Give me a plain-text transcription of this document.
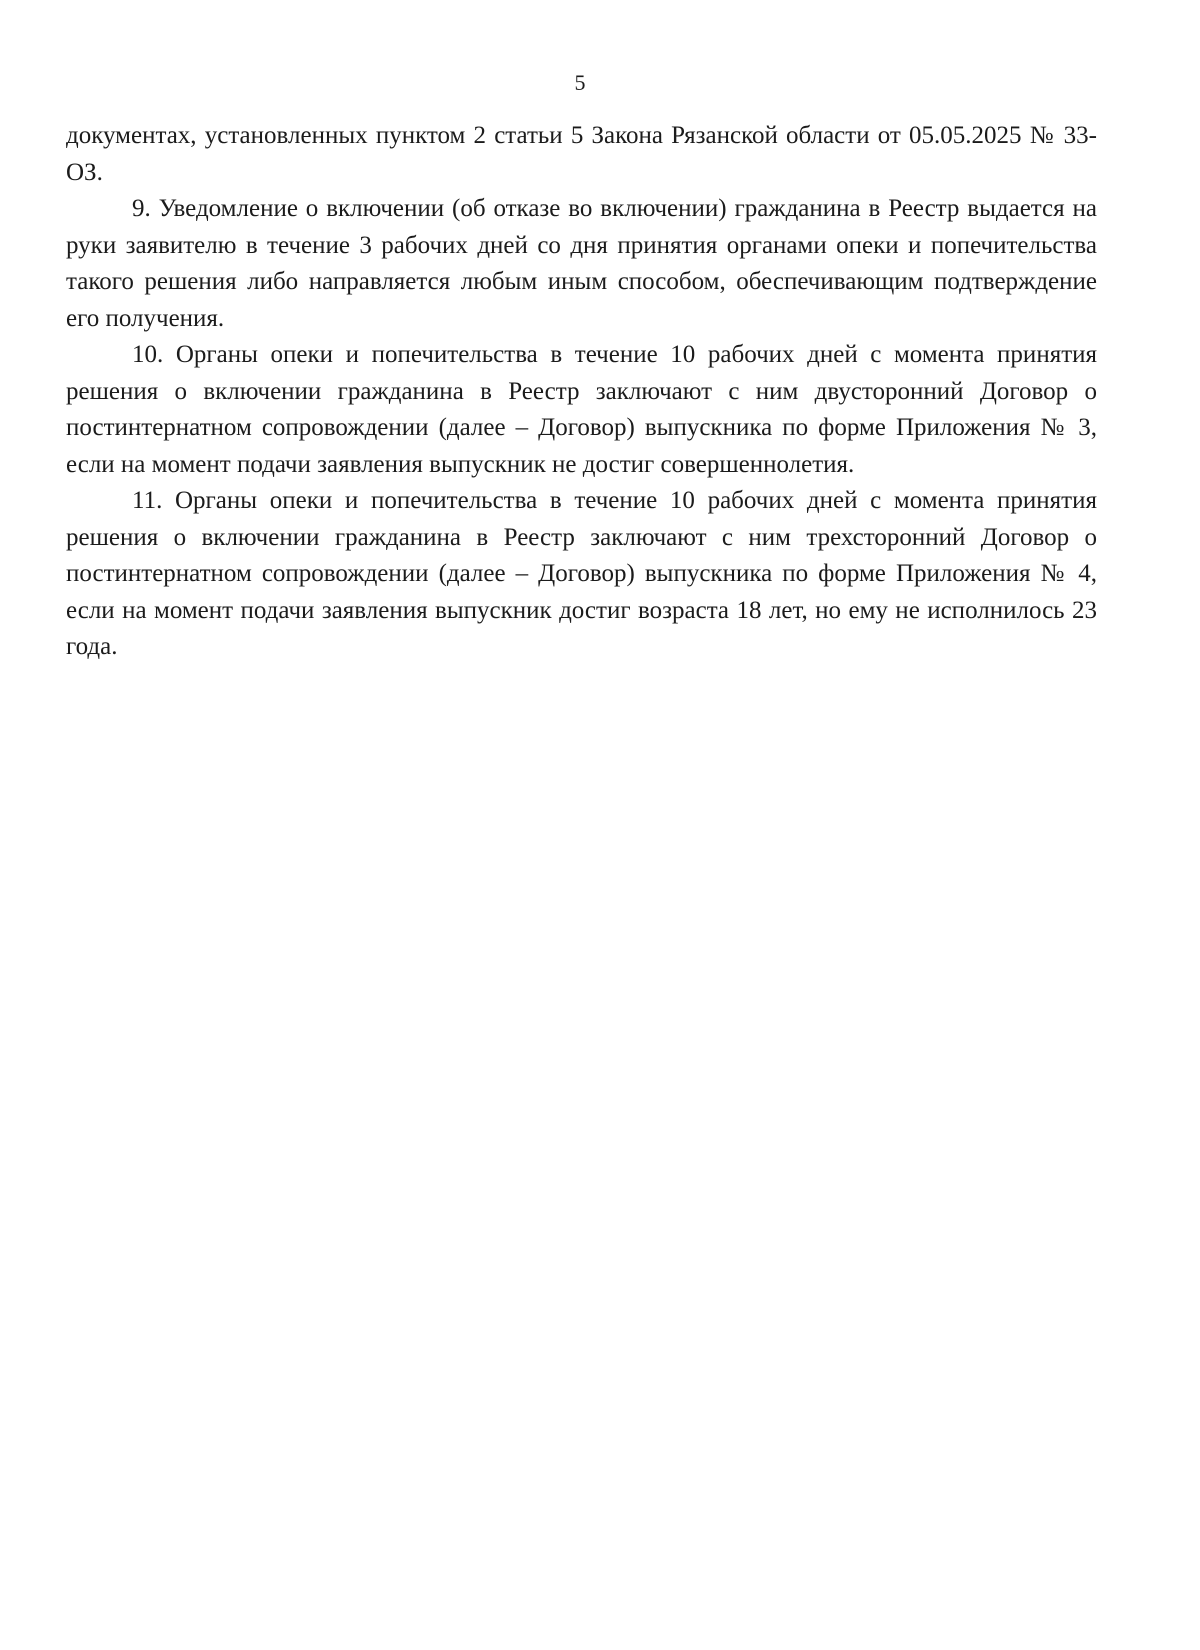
5

документах, установленных пунктом 2 статьи 5 Закона Рязанской области от 05.05.2025 № 33-ОЗ.

9. Уведомление о включении (об отказе во включении) гражданина в Реестр выдается на руки заявителю в течение 3 рабочих дней со дня принятия органами опеки и попечительства такого решения либо направляется любым иным способом, обеспечивающим подтверждение его получения.

10. Органы опеки и попечительства в течение 10 рабочих дней с момента принятия решения о включении гражданина в Реестр заключают с ним двусторонний Договор о постинтернатном сопровождении (далее – Договор) выпускника по форме Приложения № 3, если на момент подачи заявления выпускник не достиг совершеннолетия.

11. Органы опеки и попечительства в течение 10 рабочих дней с момента принятия решения о включении гражданина в Реестр заключают с ним трехсторонний Договор о постинтернатном сопровождении (далее – Договор) выпускника по форме Приложения № 4, если на момент подачи заявления выпускник достиг возраста 18 лет, но ему не исполнилось 23 года.
